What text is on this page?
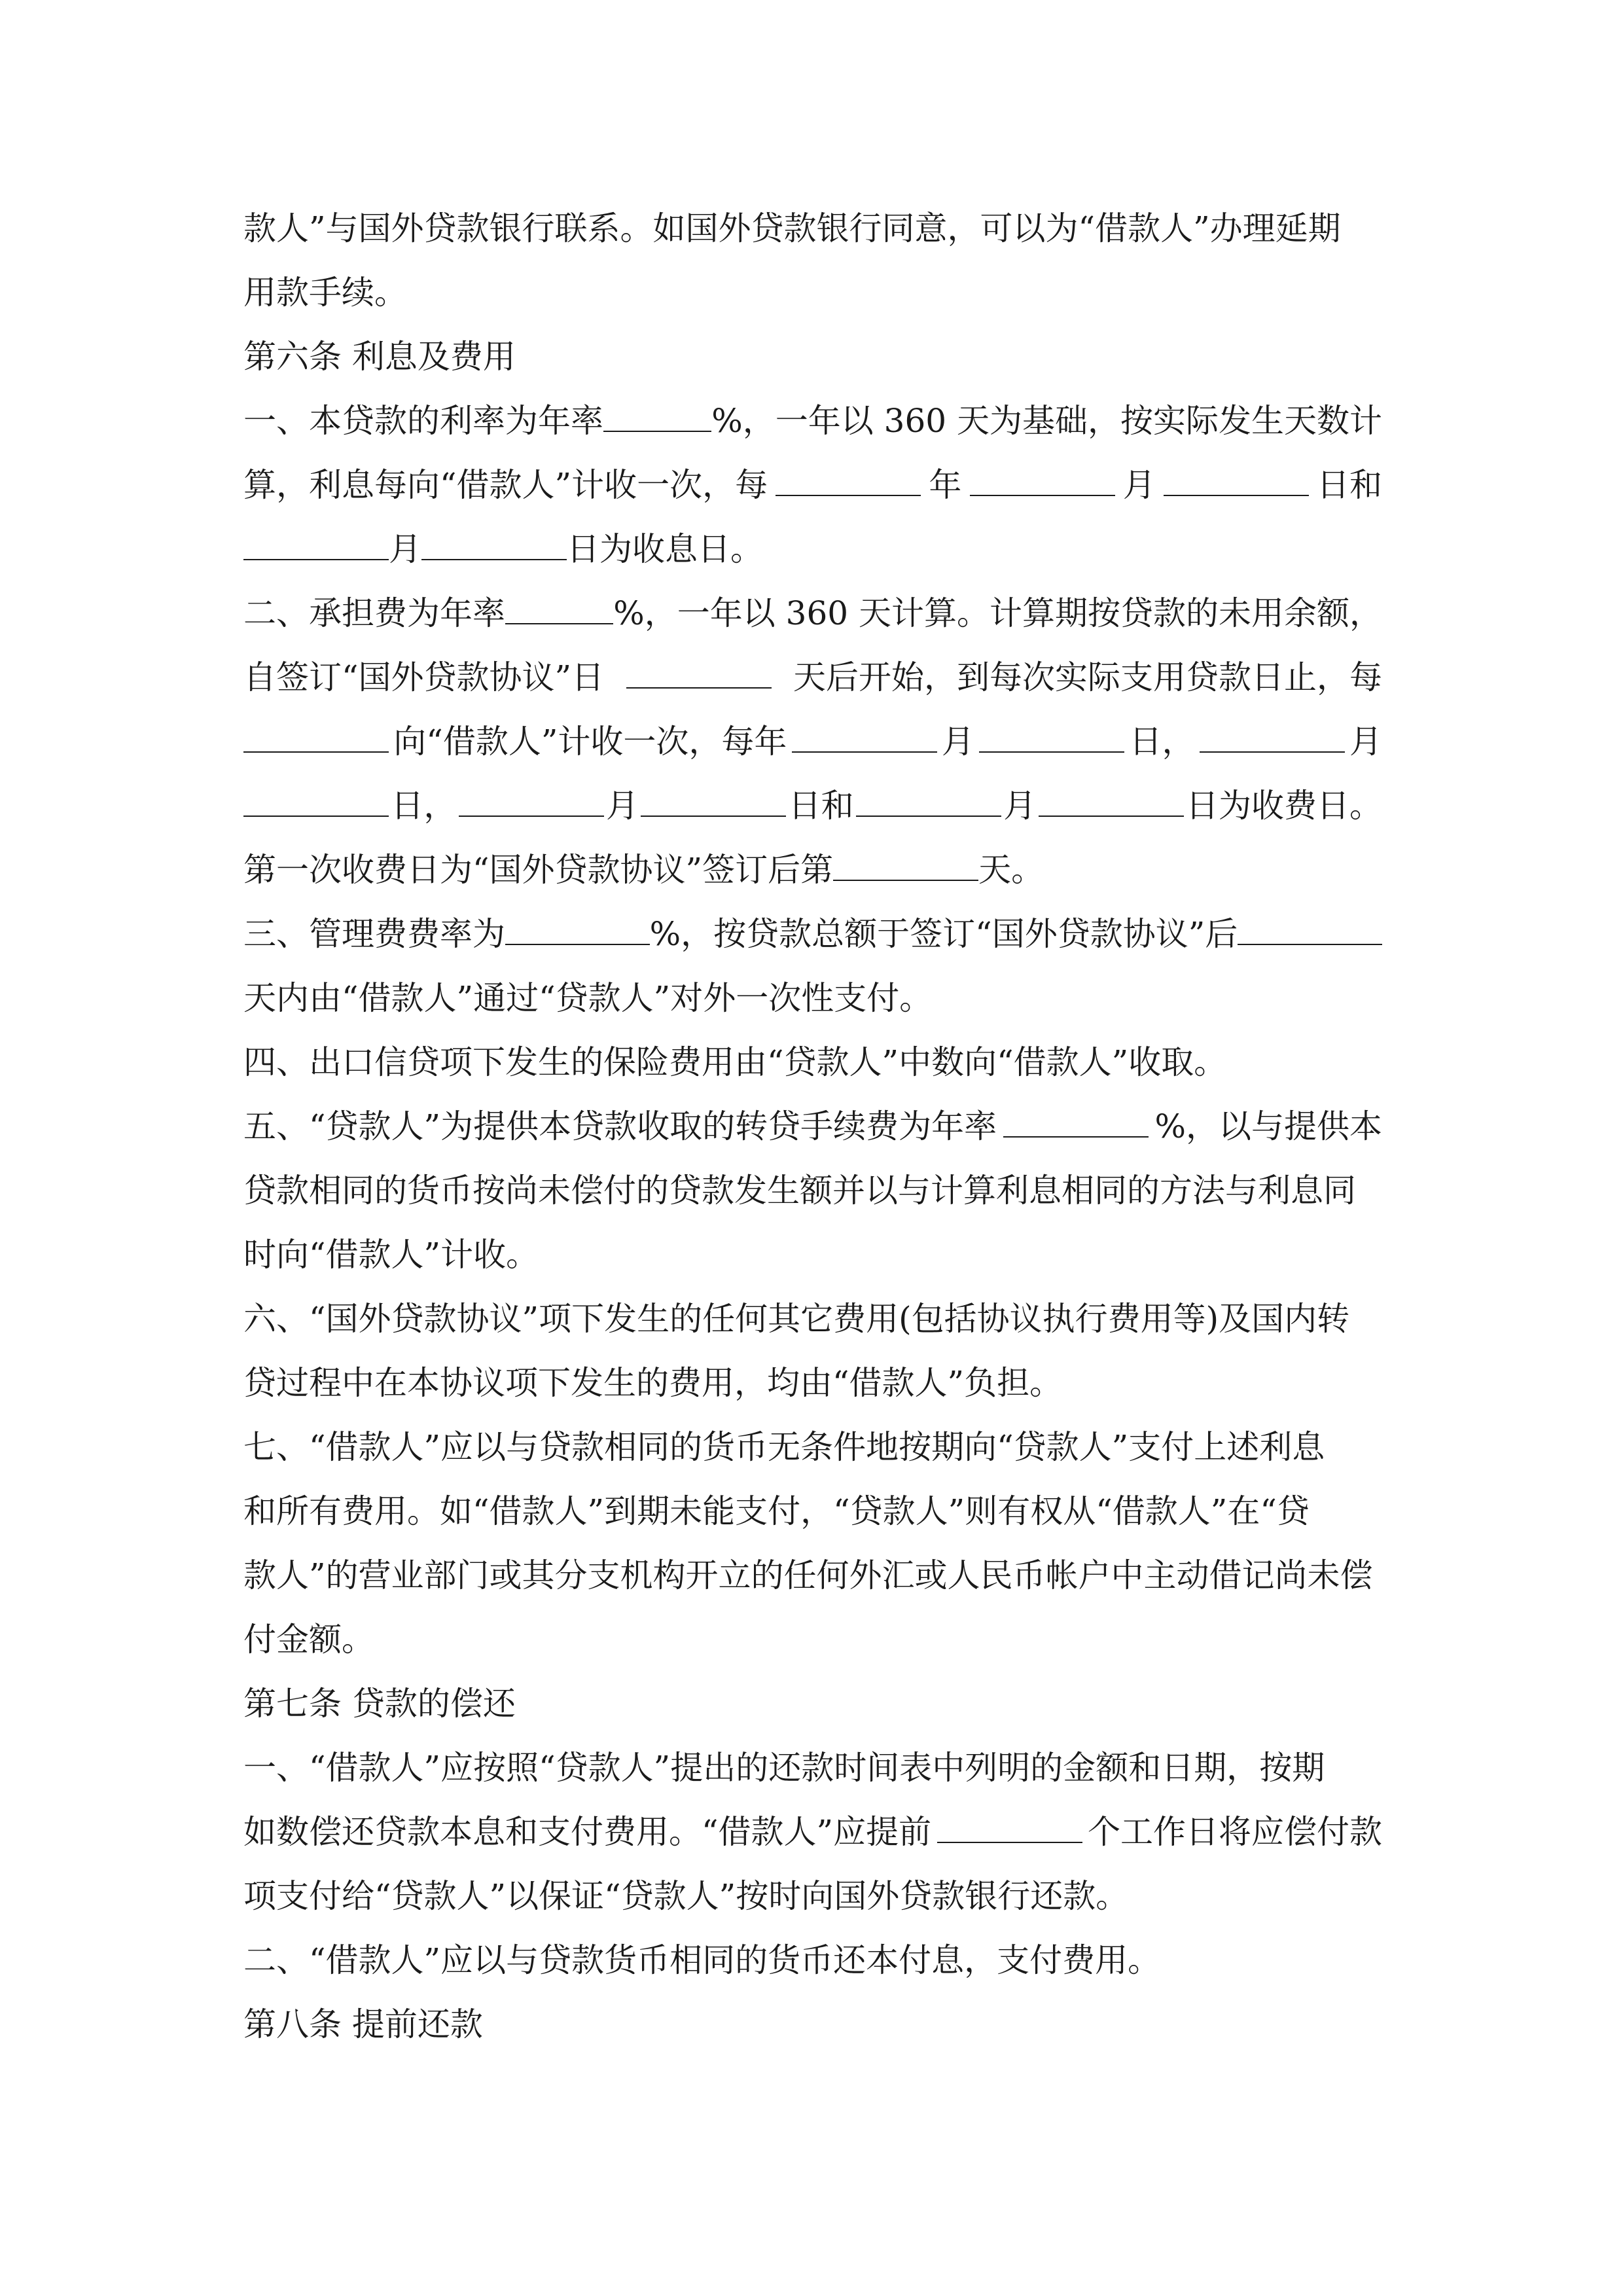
款人”与国外贷款银行联系。如国外贷款银行同意，可以为“借款人”办理延期
用款手续。
第六条 利息及费用
一、本贷款的利率为年率	%，一年以 360 天为基础，按实际发生天数计
算，利息每向“借款人”计收一次，每	年	月	日和
月	日为收息日。
二、承担费为年率	%，一年以 360 天计算。计算期按贷款的未用余额，
自签订“国外贷款协议”日	天后开始，到每次实际支用贷款日止，每
向“借款人”计收一次，每年	月	日，	月
日，	月	日和	月	日为收费日。
第一次收费日为“国外贷款协议”签订后第	天。
三、管理费费率为	%，按贷款总额于签订“国外贷款协议”后
天内由“借款人”通过“贷款人”对外一次性支付。
四、出口信贷项下发生的保险费用由“贷款人”中数向“借款人”收取。
五、“贷款人”为提供本贷款收取的转贷手续费为年率	%，以与提供本
贷款相同的货币按尚未偿付的贷款发生额并以与计算利息相同的方法与利息同
时向“借款人”计收。
六、“国外贷款协议”项下发生的任何其它费用(包括协议执行费用等)及国内转
贷过程中在本协议项下发生的费用，均由“借款人”负担。
七、“借款人”应以与贷款相同的货币无条件地按期向“贷款人”支付上述利息
和所有费用。如“借款人”到期未能支付，“贷款人”则有权从“借款人”在“贷
款人”的营业部门或其分支机构开立的任何外汇或人民币帐户中主动借记尚未偿
付金额。
第七条 贷款的偿还
一、“借款人”应按照“贷款人”提出的还款时间表中列明的金额和日期，按期
如数偿还贷款本息和支付费用。“借款人”应提前	个工作日将应偿付款
项支付给“贷款人”以保证“贷款人”按时向国外贷款银行还款。
二、“借款人”应以与贷款货币相同的货币还本付息，支付费用。
第八条 提前还款
